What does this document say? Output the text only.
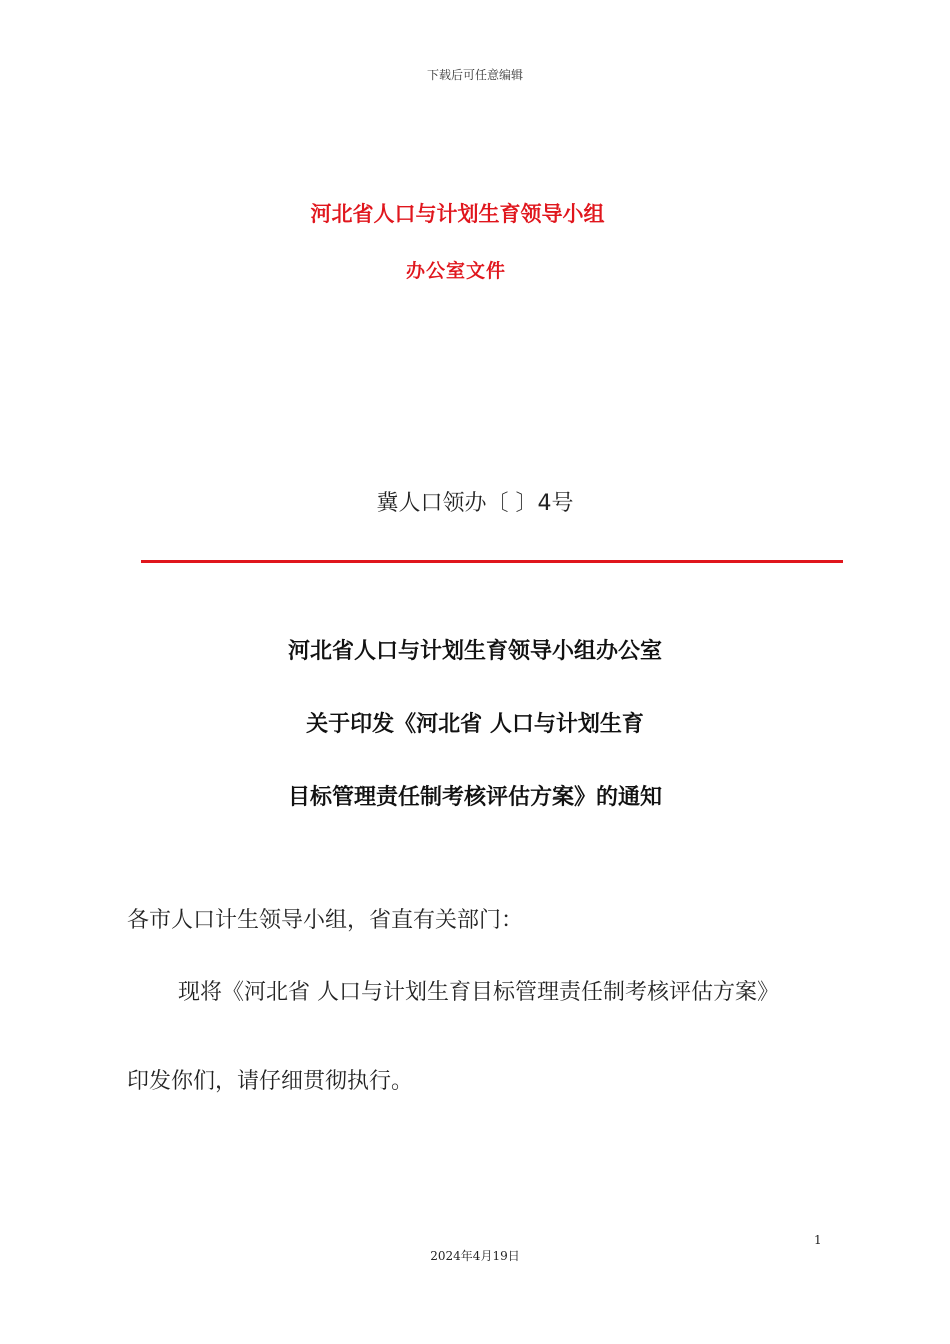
下载后可任意编辑
河北省人口与计划生育领导小组
办公室文件
冀人口领办〔 〕4号
河北省人口与计划生育领导小组办公室
关于印发《河北省 人口与计划生育
目标管理责任制考核评估方案》的通知
各市人口计生领导小组，省直有关部门：
现将《河北省 人口与计划生育目标管理责任制考核评估方案》
印发你们，请仔细贯彻执行。
1
2024年4月19日
